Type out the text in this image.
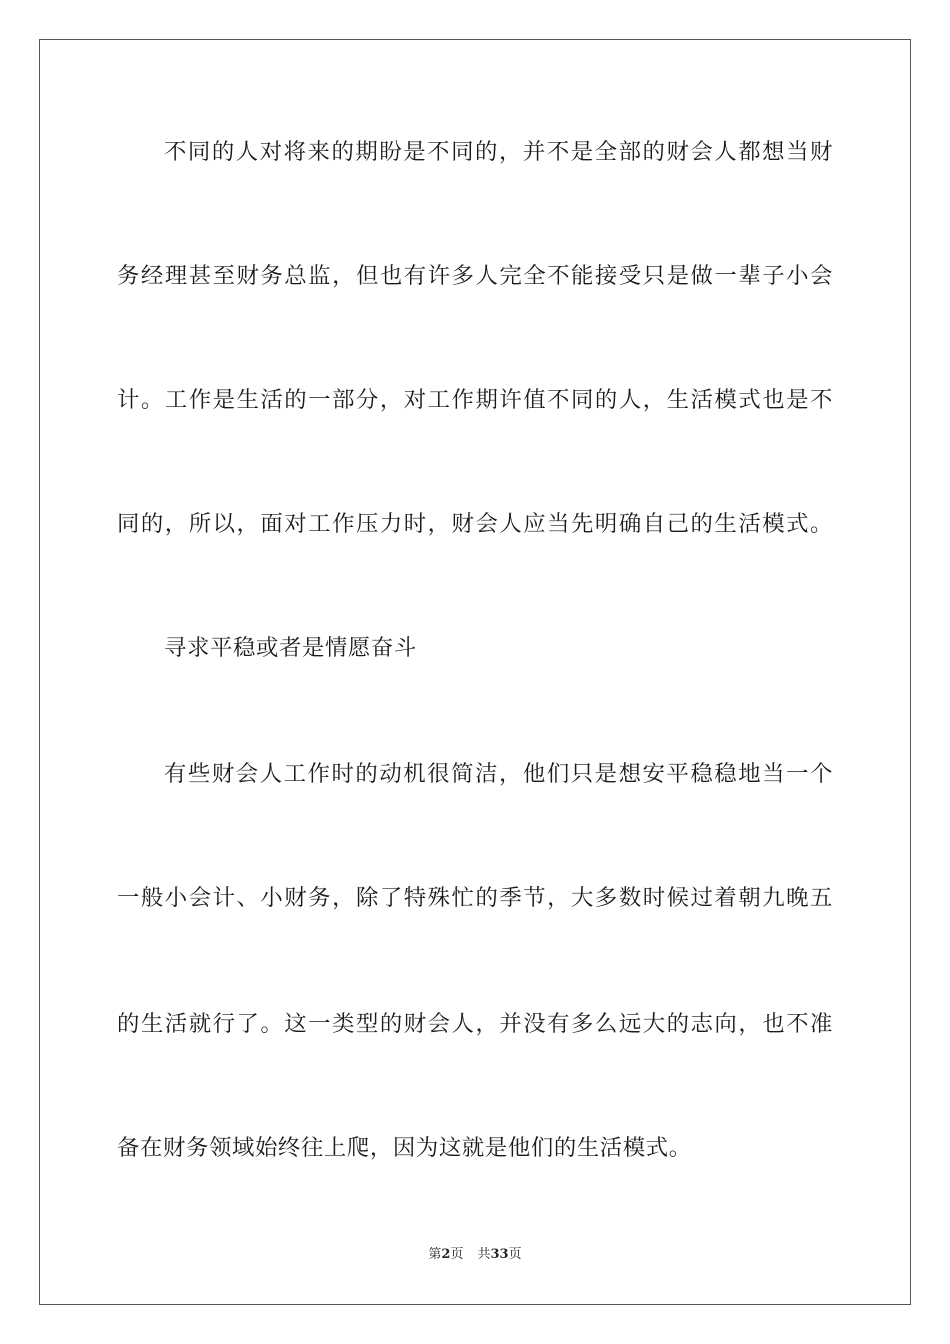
不同的人对将来的期盼是不同的，并不是全部的财会人都想当财
务经理甚至财务总监，但也有许多人完全不能接受只是做一辈子小会
计。工作是生活的一部分，对工作期许值不同的人，生活模式也是不
同的，所以，面对工作压力时，财会人应当先明确自己的生活模式。
寻求平稳或者是情愿奋斗
有些财会人工作时的动机很简洁，他们只是想安平稳稳地当一个
一般小会计、小财务，除了特殊忙的季节，大多数时候过着朝九晚五
的生活就行了。这一类型的财会人，并没有多么远大的志向，也不准
备在财务领域始终往上爬，因为这就是他们的生活模式。
第2页 共33页
